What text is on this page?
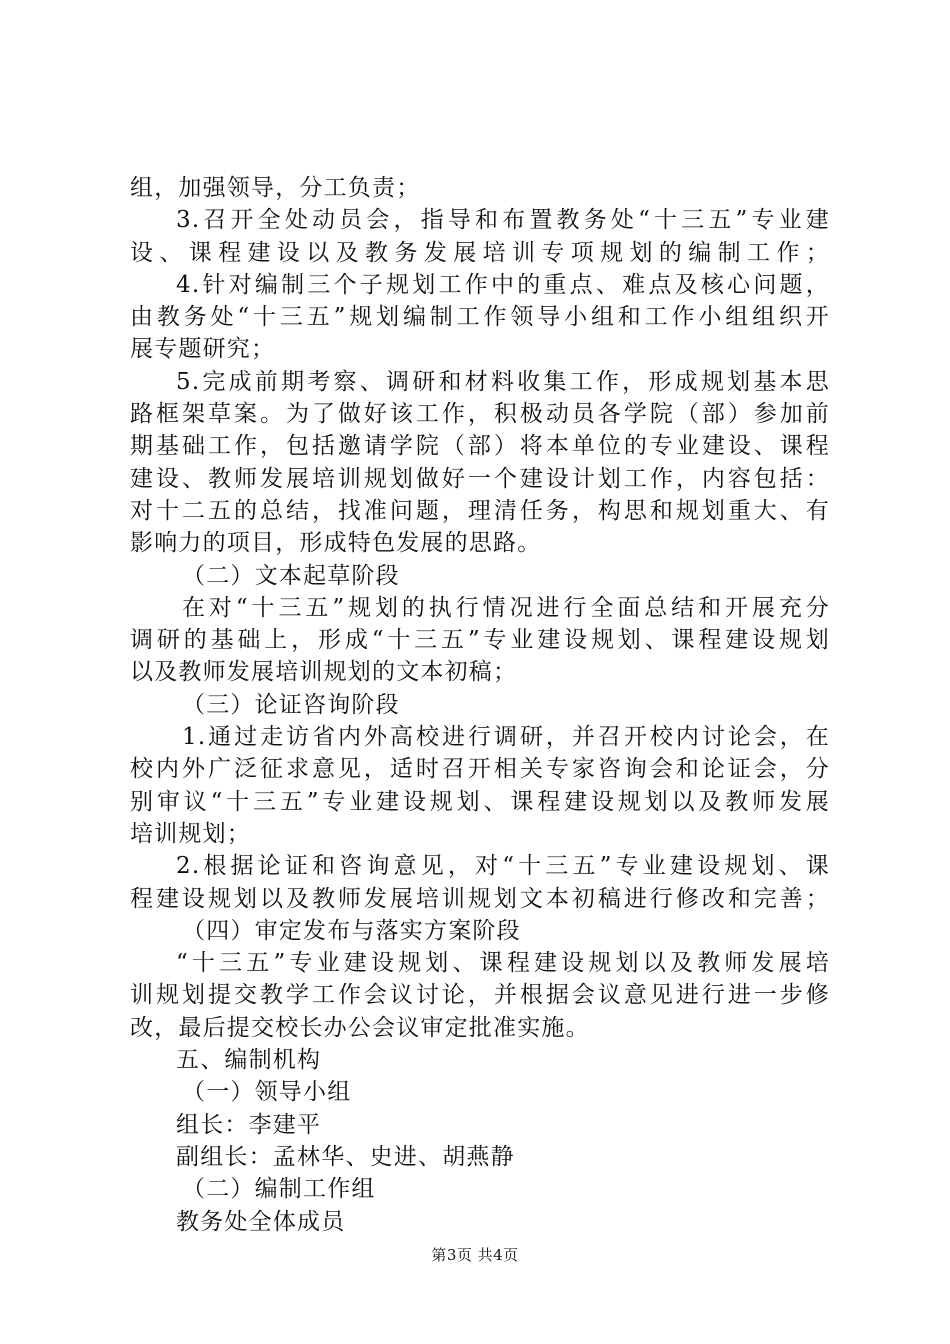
组，加强领导，分工负责；
3.召开全处动员会，指导和布置教务处“十三五”专业建
设、课程建设以及教务发展培训专项规划的编制工作；
4.针对编制三个子规划工作中的重点、难点及核心问题，
由教务处“十三五”规划编制工作领导小组和工作小组组织开
展专题研究；
5.完成前期考察、调研和材料收集工作，形成规划基本思
路框架草案。为了做好该工作，积极动员各学院（部）参加前
期基础工作，包括邀请学院（部）将本单位的专业建设、课程
建设、教师发展培训规划做好一个建设计划工作，内容包括：
对十二五的总结，找准问题，理清任务，构思和规划重大、有
影响力的项目，形成特色发展的思路。
（二）文本起草阶段
在对“十三五”规划的执行情况进行全面总结和开展充分
调研的基础上，形成“十三五”专业建设规划、课程建设规划
以及教师发展培训规划的文本初稿；
（三）论证咨询阶段
1.通过走访省内外高校进行调研，并召开校内讨论会，在
校内外广泛征求意见，适时召开相关专家咨询会和论证会，分
别审议“十三五”专业建设规划、课程建设规划以及教师发展
培训规划；
2.根据论证和咨询意见，对“十三五”专业建设规划、课
程建设规划以及教师发展培训规划文本初稿进行修改和完善；
（四）审定发布与落实方案阶段
“十三五”专业建设规划、课程建设规划以及教师发展培
训规划提交教学工作会议讨论，并根据会议意见进行进一步修
改，最后提交校长办公会议审定批准实施。
五、编制机构
（一）领导小组
组长：李建平
副组长：孟林华、史进、胡燕静
（二）编制工作组
教务处全体成员
第3页 共4页
